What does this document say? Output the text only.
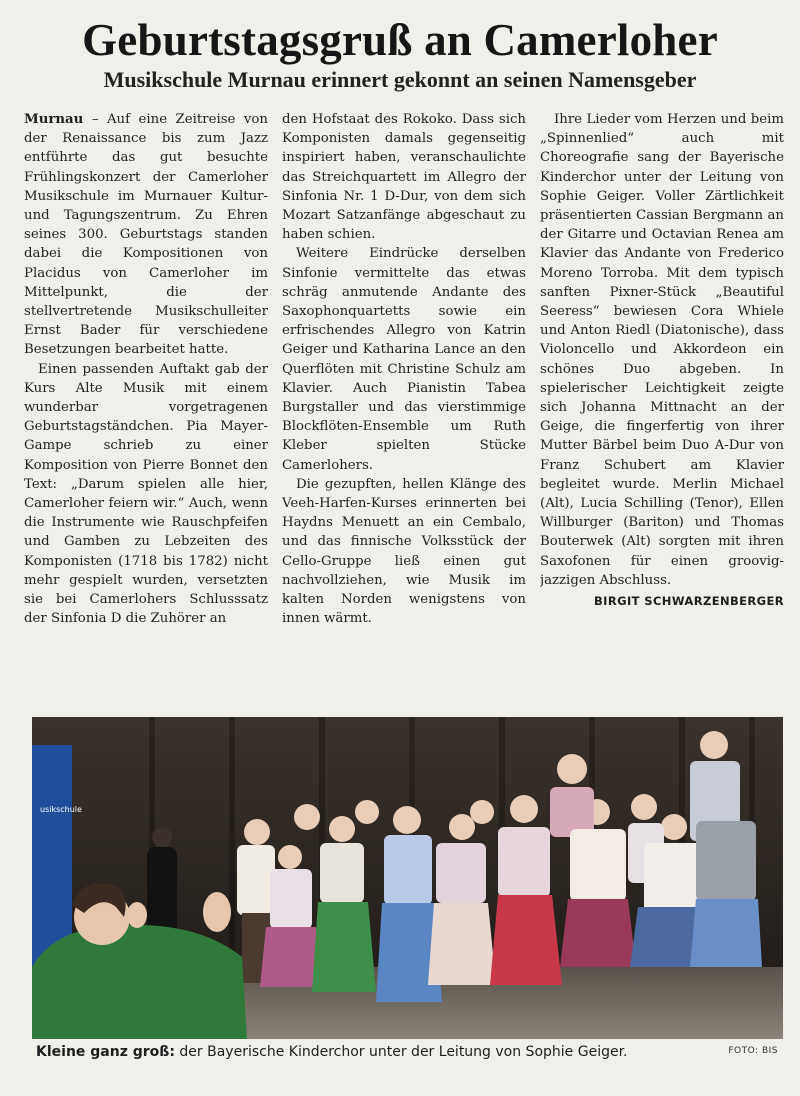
Geburtstagsgruß an Camerloher
Musikschule Murnau erinnert gekonnt an seinen Namensgeber

Murnau – Auf eine Zeitreise von der Renaissance bis zum Jazz entführte das gut besuchte Frühlingskonzert der Camerloher Musikschule im Murnauer Kultur- und Tagungszentrum. Zu Ehren seines 300. Geburtstags standen dabei die Kompositionen von Placidus von Camerloher im Mittelpunkt, die der stellvertretende Musikschulleiter Ernst Bader für verschiedene Besetzungen bearbeitet hatte.

Einen passenden Auftakt gab der Kurs Alte Musik mit einem wunderbar vorgetragenen Geburtstagständchen. Pia Mayer-Gampe schrieb zu einer Komposition von Pierre Bonnet den Text: „Darum spielen alle hier, Camerloher feiern wir.“ Auch, wenn die Instrumente wie Rauschpfeifen und Gamben zu Lebzeiten des Komponisten (1718 bis 1782) nicht mehr gespielt wurden, versetzten sie bei Camerlohers Schlusssatz der Sinfonia D die Zuhörer an

den Hofstaat des Rokoko. Dass sich Komponisten damals gegenseitig inspiriert haben, veranschaulichte das Streichquartett im Allegro der Sinfonia Nr. 1 D-Dur, von dem sich Mozart Satzanfänge abgeschaut zu haben schien.

Weitere Eindrücke derselben Sinfonie vermittelte das etwas schräg anmutende Andante des Saxophonquartetts sowie ein erfrischendes Allegro von Katrin Geiger und Katharina Lance an den Querflöten mit Christine Schulz am Klavier. Auch Pianistin Tabea Burgstaller und das vierstimmige Blockflöten-Ensemble um Ruth Kleber spielten Stücke Camerlohers.

Die gezupften, hellen Klänge des Veeh-Harfen-Kurses erinnerten bei Haydns Menuett an ein Cembalo, und das finnische Volksstück der Cello-Gruppe ließ einen gut nachvollziehen, wie Musik im kalten Norden wenigstens von innen wärmt.

Ihre Lieder vom Herzen und beim „Spinnenlied“ auch mit Choreografie sang der Bayerische Kinderchor unter der Leitung von Sophie Geiger. Voller Zärtlichkeit präsentierten Cassian Bergmann an der Gitarre und Octavian Renea am Klavier das Andante von Frederico Moreno Torroba. Mit dem typisch sanften Pixner-Stück „Beautiful Seeress“ bewiesen Cora Whiele und Anton Riedl (Diatonische), dass Violoncello und Akkordeon ein schönes Duo abgeben. In spielerischer Leichtigkeit zeigte sich Johanna Mittnacht an der Geige, die fingerfertig von ihrer Mutter Bärbel beim Duo A-Dur von Franz Schubert am Klavier begleitet wurde. Merlin Michael (Alt), Lucia Schilling (Tenor), Ellen Willburger (Bariton) und Thomas Bouterwek (Alt) sorgten mit ihren Saxofonen für einen groovig-jazzigen Abschluss.

BIRGIT SCHWARZENBERGER
usikschule

Kleine ganz groß: der Bayerische Kinderchor unter der Leitung von Sophie Geiger.	FOTO: BIS
